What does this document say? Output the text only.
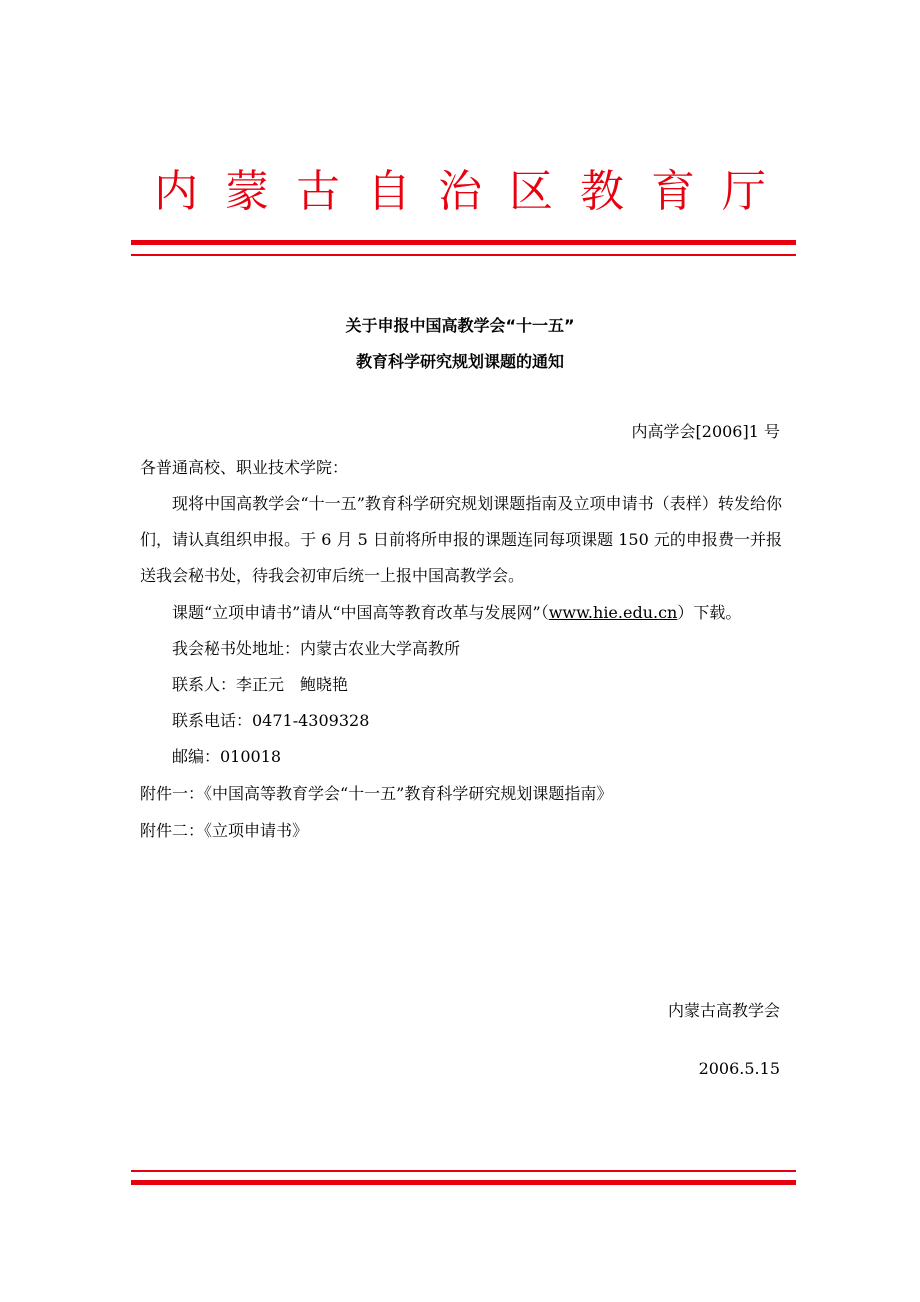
内蒙古自治区教育厅
关于申报中国高教学会“十一五”
教育科学研究规划课题的通知
内高学会[2006]1 号
各普通高校、职业技术学院：
现将中国高教学会“十一五”教育科学研究规划课题指南及立项申请书（表样）转发给你们，请认真组织申报。于 6 月 5 日前将所申报的课题连同每项课题 150 元的申报费一并报送我会秘书处，待我会初审后统一上报中国高教学会。
课题“立项申请书”请从“中国高等教育改革与发展网”（www.hie.edu.cn）下载。
我会秘书处地址：内蒙古农业大学高教所
联系人：李正元　鲍晓艳
联系电话：0471-4309328
邮编：010018
附件一：《中国高等教育学会“十一五”教育科学研究规划课题指南》
附件二：《立项申请书》
内蒙古高教学会
2006.5.15
